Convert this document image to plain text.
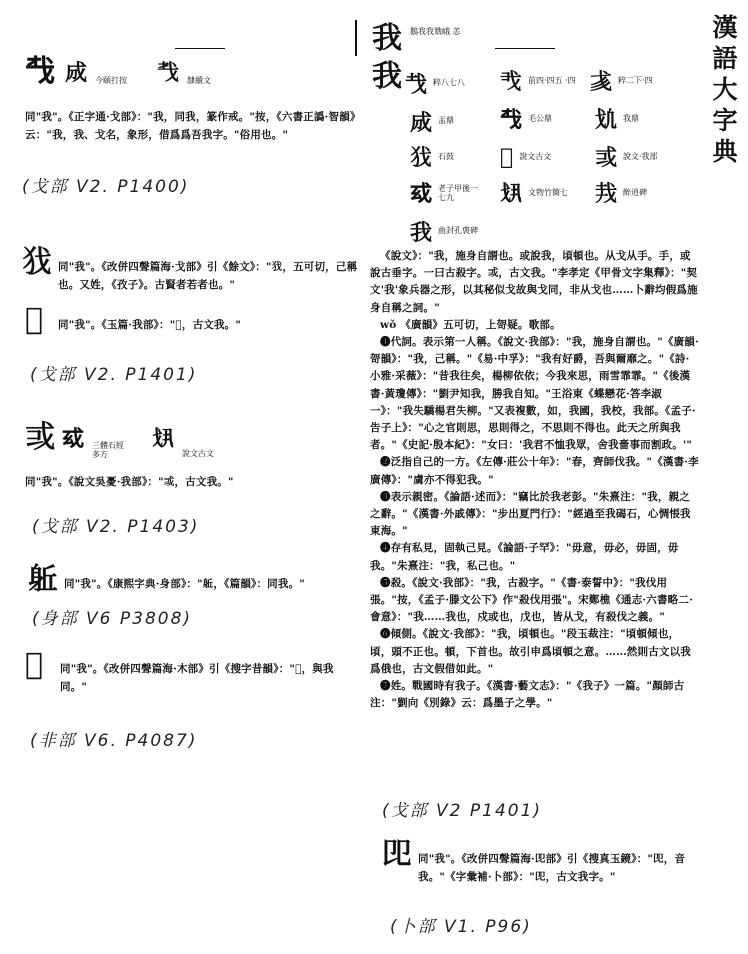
漢語大字典
𢦔 𢦓 今頤打按 𢦒 隸續文
同"我"。《正字通·戈部》："我，同我，篆作戒。"按，《六書正譌·智韻》云："我，我、戈名，象形，借爲爲吾我字。"俗用也。"
(戈部 V2. P1400)
𢦖 同"我"。《改併四聲篇海·戈部》引《餘文》："𢦖，五可切，己稱也。又姓，《孜子》。古賢者若者也。"
𢦗 同"我"。《玉篇·我部》："𢦗，古文我。"
(戈部 V2. P1401)
𢦘 𢦙 三體石經 多方
𢦚
說文古文
同"我"。《說文吳憂·我部》："𢦘，古文我。"
(戈部 V2. P1403)
𨈬 同"我"。《康熙字典·身部》："𨈬，《篇韻》：同我。"
(身部 V6 P3808)
𣏼 同"我"。《改併四聲篇海·木部》引《搜字昔韻》："𣏼，與我同。"
(非部 V6. P4087)
我 鵝我我戮峨 恙
我 𢦏 粹八七八 𢦐 前四·四五 ·四 𢦑 粹二下·四
𢦓 盂鼎 𢦔 毛公鼎 𢦕 我鼎
𢦖 石鼓 𢦗 說文古文 𢦘 說文·我部
𢦙 老子甲後一 七九	𢦚 文物竹簡七 𢦛 醉逍碑
我 曲封孔褒碑
《說文》："我，施身自謂也。或說我，頃頓也。从戈从手。手，或說古垂字。一曰古殺字。𢦘，古文我。"李孝定《甲骨文字集釋》："契文'我'象兵器之形，以其秘似戈故與戈同，非从戈也……卜辭均假爲施身自稱之詞。"
wǒ 《廣韻》五可切，上哿疑。歌部。
❶代詞。表示第一人稱。《說文·我部》："我，施身自謂也。"《廣韻·哿韻》："我，己稱。"《易·中孚》："我有好爵，吾與爾靡之。"《詩·小雅·采薇》："昔我往矣，楊柳依依；今我來思，雨雪霏霏。"《後漢書·黃瓊傳》："劉尹知我，勝我自知。"王浴東《蝶戀花·答李淑一》："我失驕楊君失柳。"又表複數，如，我國，我校，我部。《孟子·告子上》："心之官則思，思則得之，不思則不得也。此天之所與我者。"《史記·殷本紀》："女曰：'我君不恤我眾，舍我嗇事而割政。'"
❷泛指自己的一方。《左傳·莊公十年》："春，齊師伐我。"《漢書·李廣傳》："虜亦不得犯我。"
❸表示親密。《論語·述而》："竊比於我老彭。"朱熹注："我，親之之辭。"《漢書·外戚傳》："步出夏門行》："經過至我碣石，心惆悵我東海。"
❹存有私見，固執己見。《論語·子罕》："毋意，毋必，毋固，毋我。"朱熹注："我，私己也。"
❺殺。《說文·我部》："我，古殺字。"《書·泰誓中》："我伐用張。"按，《孟子·滕文公下》作"殺伐用張"。宋鄭樵《通志·六書略二·會意》："我……我也，戍或也，戊也，皆从戈，有殺伐之義。"
❻傾側。《說文·我部》："我，頃頓也。"段玉裁注："頃頓傾也，頃，頭不正也。頓，下首也。故引申爲頃頓之意。……然則古文以我爲俄也，古文假借如此。"
❼姓。戰國時有我子。《漢書·藝文志》："《我子》一篇。"顏師古注："劉向《別錄》云：爲墨子之學。"
(戈部 V2 P1401)
𠨎 同"我"。《改併四聲篇海·𠨎部》引《搜真玉鏡》："𠨎，音我。"《字彙補·卜部》："𠨎，古文我字。"
(卜部 V1. P96)
